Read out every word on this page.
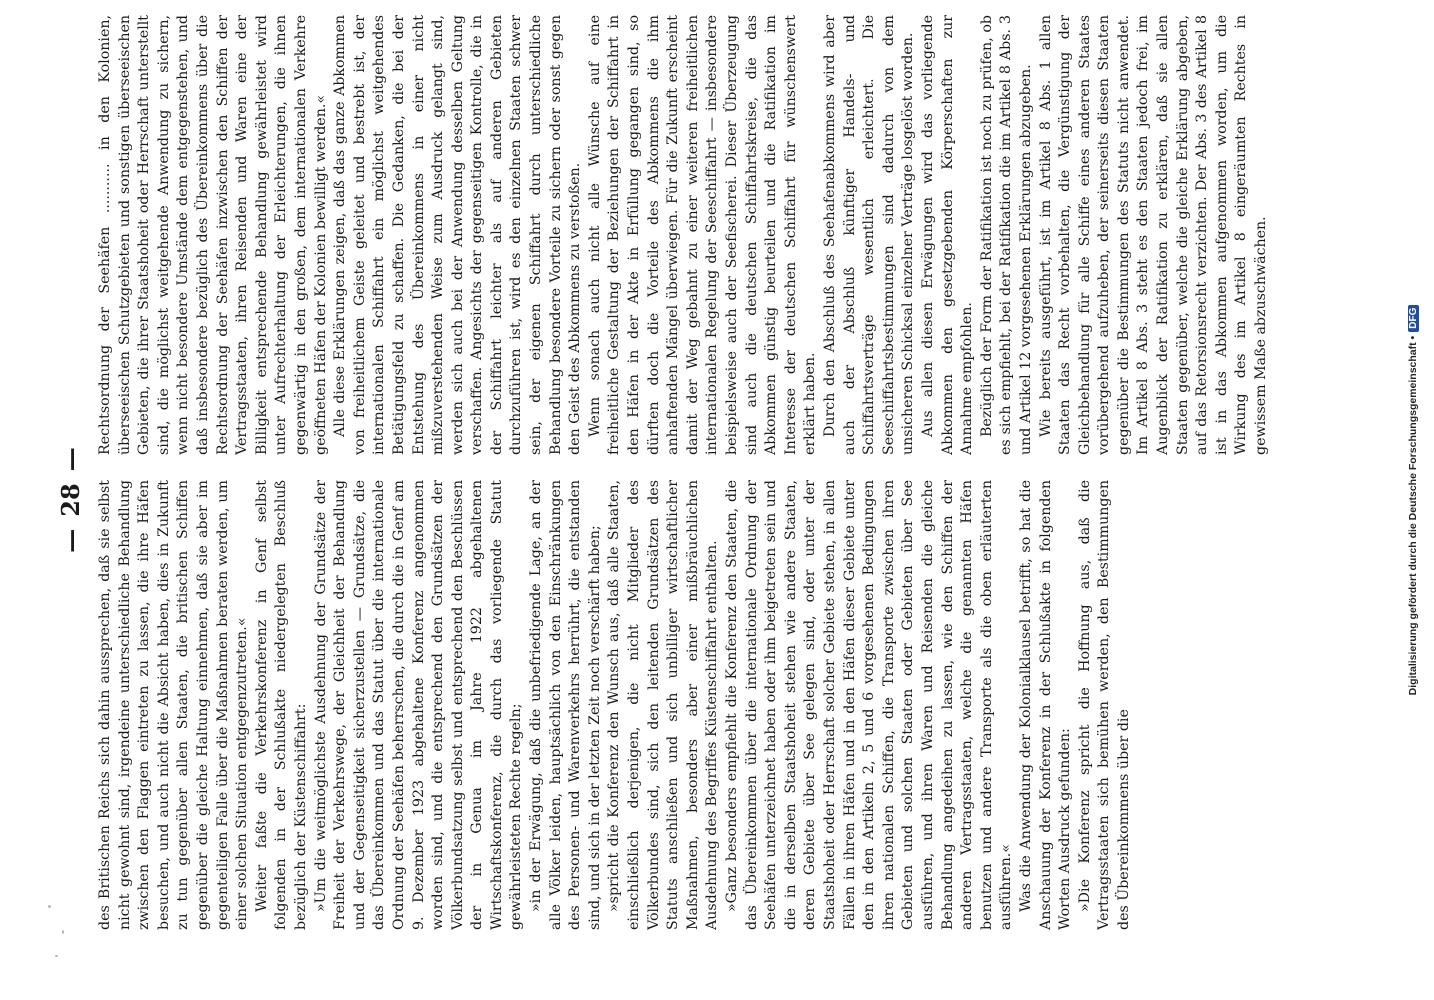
—
28
—

des Britischen Reichs sich dahin aussprechen, daß sie selbst nicht gewohnt sind, irgendeine unterschiedliche Behandlung zwischen den Flaggen eintreten zu lassen, die ihre Häfen besuchen, und auch nicht die Absicht haben, dies in Zukunft zu tun gegenüber allen Staaten, die britischen Schiffen gegenüber die gleiche Haltung einnehmen, daß sie aber im gegenteiligen Falle über die Maßnahmen beraten werden, um einer solchen Situation entgegenzutreten.« Weiter faßte die Verkehrskonferenz in Genf selbst folgenden in der Schlußakte niedergelegten Beschluß bezüglich der Küstenschiffahrt: »Um die weitmöglichste Ausdehnung der Grundsätze der Freiheit der Verkehrswege, der Gleichheit der Behandlung und der Gegenseitigkeit sicherzustellen — Grundsätze, die das Übereinkommen und das Statut über die internationale Ordnung der Seehäfen beherrschen, die durch die in Genf am 9. Dezember 1923 abgehaltene Konferenz angenommen worden sind, und die entsprechend den Grundsätzen der Völkerbundsatzung selbst und entsprechend den Beschlüssen der in Genua im Jahre 1922 abgehaltenen Wirtschaftskonferenz, die durch das vorliegende Statut gewährleisteten Rechte regeln; »in der Erwägung, daß die unbefriedigende Lage, an der alle Völker leiden, hauptsächlich von den Einschränkungen des Personen- und Warenverkehrs herrührt, die entstanden sind, und sich in der letzten Zeit noch verschärft haben; »spricht die Konferenz den Wunsch aus, daß alle Staaten, einschließlich derjenigen, die nicht Mitglieder des Völkerbundes sind, sich den leitenden Grundsätzen des Statuts anschließen und sich unbilliger wirtschaftlicher Maßnahmen, besonders aber einer mißbräuchlichen Ausdehnung des Begriffes Küstenschiffahrt enthalten. »Ganz besonders empfiehlt die Konferenz den Staaten, die das Übereinkommen über die internationale Ordnung der Seehäfen unterzeichnet haben oder ihm beigetreten sein und die in derselben Staatshoheit stehen wie andere Staaten, deren Gebiete über See gelegen sind, oder unter der Staatshoheit oder Herrschaft solcher Gebiete stehen, in allen Fällen in ihren Häfen und in den Häfen dieser Gebiete unter den in den Artikeln 2, 5 und 6 vorgesehenen Bedingungen ihren nationalen Schiffen, die Transporte zwischen ihren Gebieten und solchen Staaten oder Gebieten über See ausführen, und ihren Waren und Reisenden die gleiche Behandlung angedeihen zu lassen, wie den Schiffen der anderen Vertragsstaaten, welche die genannten Häfen benutzen und andere Transporte als die oben erläuterten ausführen.« Was die Anwendung der Kolonialklausel betrifft, so hat die Anschauung der Konferenz in der Schlußakte in folgenden Worten Ausdruck gefunden: »Die Konferenz spricht die Hoffnung aus, daß die Vertragsstaaten sich bemühen werden, den Bestimmungen des Übereinkommens über die

Rechtsordnung der Seehäfen ........... in den Kolonien, überseeischen Schutzgebieten und sonstigen überseeischen Gebieten, die ihrer Staatshoheit oder Herrschaft unterstellt sind, die möglichst weitgehende Anwendung zu sichern, wenn nicht besondere Umstände dem entgegenstehen, und daß insbesondere bezüglich des Übereinkommens über die Rechtsordnung der Seehäfen inzwischen den Schiffen der Vertragsstaaten, ihren Reisenden und Waren eine der Billigkeit entsprechende Behandlung gewährleistet wird unter Aufrechterhaltung der Erleichterungen, die ihnen gegenwärtig in den großen, dem internationalen Verkehre geöffneten Häfen der Kolonien bewilligt werden.« Alle diese Erklärungen zeigen, daß das ganze Abkommen von freiheitlichem Geiste geleitet und bestrebt ist, der internationalen Schiffahrt ein möglichst weitgehendes Betätigungsfeld zu schaffen. Die Gedanken, die bei der Entstehung des Übereinkommens in einer nicht mißzuverstehenden Weise zum Ausdruck gelangt sind, werden sich auch bei der Anwendung desselben Geltung verschaffen. Angesichts der gegenseitigen Kontrolle, die in der Schiffahrt leichter als auf anderen Gebieten durchzuführen ist, wird es den einzelnen Staaten schwer sein, der eigenen Schiffahrt durch unterschiedliche Behandlung besondere Vorteile zu sichern oder sonst gegen den Geist des Abkommens zu verstoßen. Wenn sonach auch nicht alle Wünsche auf eine freiheitliche Gestaltung der Beziehungen der Schiffahrt in den Häfen in der Akte in Erfüllung gegangen sind, so dürften doch die Vorteile des Abkommens die ihm anhaftenden Mängel überwiegen. Für die Zukunft erscheint damit der Weg gebahnt zu einer weiteren freiheitlichen internationalen Regelung der Seeschiffahrt — insbesondere beispielsweise auch der Seefischerei. Dieser Überzeugung sind auch die deutschen Schiffahrtskreise, die das Abkommen günstig beurteilen und die Ratifikation im Interesse der deutschen Schiffahrt für wünschenswert erklärt haben. Durch den Abschluß des Seehafenabkommens wird aber auch der Abschluß künftiger Handels- und Schiffahrtsverträge wesentlich erleichtert. Die Seeschiffahrtsbestimmungen sind dadurch von dem unsicheren Schicksal einzelner Verträge losgelöst worden. Aus allen diesen Erwägungen wird das vorliegende Abkommen den gesetzgebenden Körperschaften zur Annahme empfohlen. Bezüglich der Form der Ratifikation ist noch zu prüfen, ob es sich empfiehlt, bei der Ratifikation die im Artikel 8 Abs. 3 und Artikel 12 vorgesehenen Erklärungen abzugeben. Wie bereits ausgeführt, ist im Artikel 8 Abs. 1 allen Staaten das Recht vorbehalten, die Vergünstigung der Gleichbehandlung für alle Schiffe eines anderen Staates vorübergehend aufzuheben, der seinerseits diesen Staaten gegenüber die Bestimmungen des Statuts nicht anwendet. Im Artikel 8 Abs. 3 steht es den Staaten jedoch frei, im Augenblick der Ratifikation zu erklären, daß sie allen Staaten gegenüber, welche die gleiche Erklärung abgeben, auf das Retorsionsrecht verzichten. Der Abs. 3 des Artikel 8 ist in das Abkommen aufgenommen worden, um die Wirkung des im Artikel 8 eingeräumten Rechtes in gewissem Maße abzuschwächen.

Digitalisierung gefördert durch die Deutsche Forschungsgemeinschaft •
DFG
